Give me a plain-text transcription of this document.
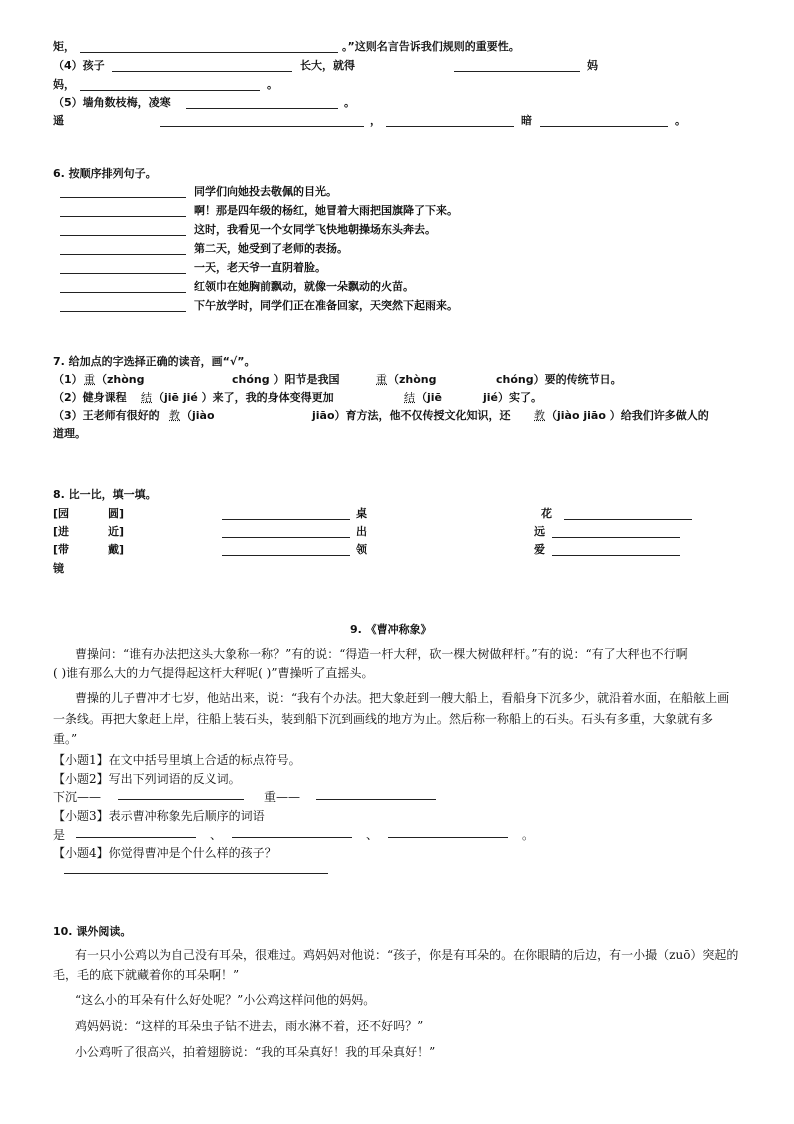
矩，	。”这则名言告诉我们规则的重要性。
（4）孩子	长大，就得	妈
妈，	。
（5）墙角数枝梅，凌寒	。
遥	，	暗	。
6. 按顺序排列句子。
同学们向她投去敬佩的目光。
啊！那是四年级的杨红，她冒着大雨把国旗降了下来。
这时，我看见一个女同学飞快地朝操场东头奔去。
第二天，她受到了老师的表扬。
一天，老天爷一直阴着脸。
红领巾在她胸前飘动，就像一朵飘动的火苗。
下午放学时，同学们正在准备回家，天突然下起雨来。
7. 给加点的字选择正确的读音，画“√”。
（1） 重 （zhòng	chóng ）阳节是我国	重 （zhòng	chóng）要的传统节日。
（2）健身课程 结 （jiē jié ）来了，我的身体变得更加	结 （jiē	jié）实了。
（3）王老师有很好的 教 （jiào	jiāo）育方法，他不仅传授文化知识，还 教 （jiào jiāo ）给我们许多做人的
道理。
8. 比一比，填一填。
[园	圆]	桌	花
[进	近]	出	远
[带	戴]	领	爱
镜
9. 《曹冲称象》
曹操问：“谁有办法把这头大象称一称？”有的说：“得造一杆大秤，砍一棵大树做秤杆。”有的说：“有了大秤也不行啊
( )谁有那么大的力气提得起这杆大秤呢( )”曹操听了直摇头。
曹操的儿子曹冲才七岁，他站出来，说：“我有个办法。把大象赶到一艘大船上，看船身下沉多少，就沿着水面，在船舷上画
一条线。再把大象赶上岸，往船上装石头，装到船下沉到画线的地方为止。然后称一称船上的石头。石头有多重，大象就有多
重。”
【小题1】在文中括号里填上合适的标点符号。
【小题2】写出下列词语的反义词。
下沉——	重——
【小题3】表示曹冲称象先后顺序的词语
是	、	、	。
【小题4】你觉得曹冲是个什么样的孩子？
10. 课外阅读。
有一只小公鸡以为自己没有耳朵，很难过。鸡妈妈对他说：“孩子，你是有耳朵的。在你眼睛的后边，有一小撮（zuō）突起的
毛，毛的底下就藏着你的耳朵啊！”
“这么小的耳朵有什么好处呢？”小公鸡这样问他的妈妈。
鸡妈妈说：“这样的耳朵虫子钻不进去，雨水淋不着，还不好吗？”
小公鸡听了很高兴，拍着翅膀说：“我的耳朵真好！我的耳朵真好！”
